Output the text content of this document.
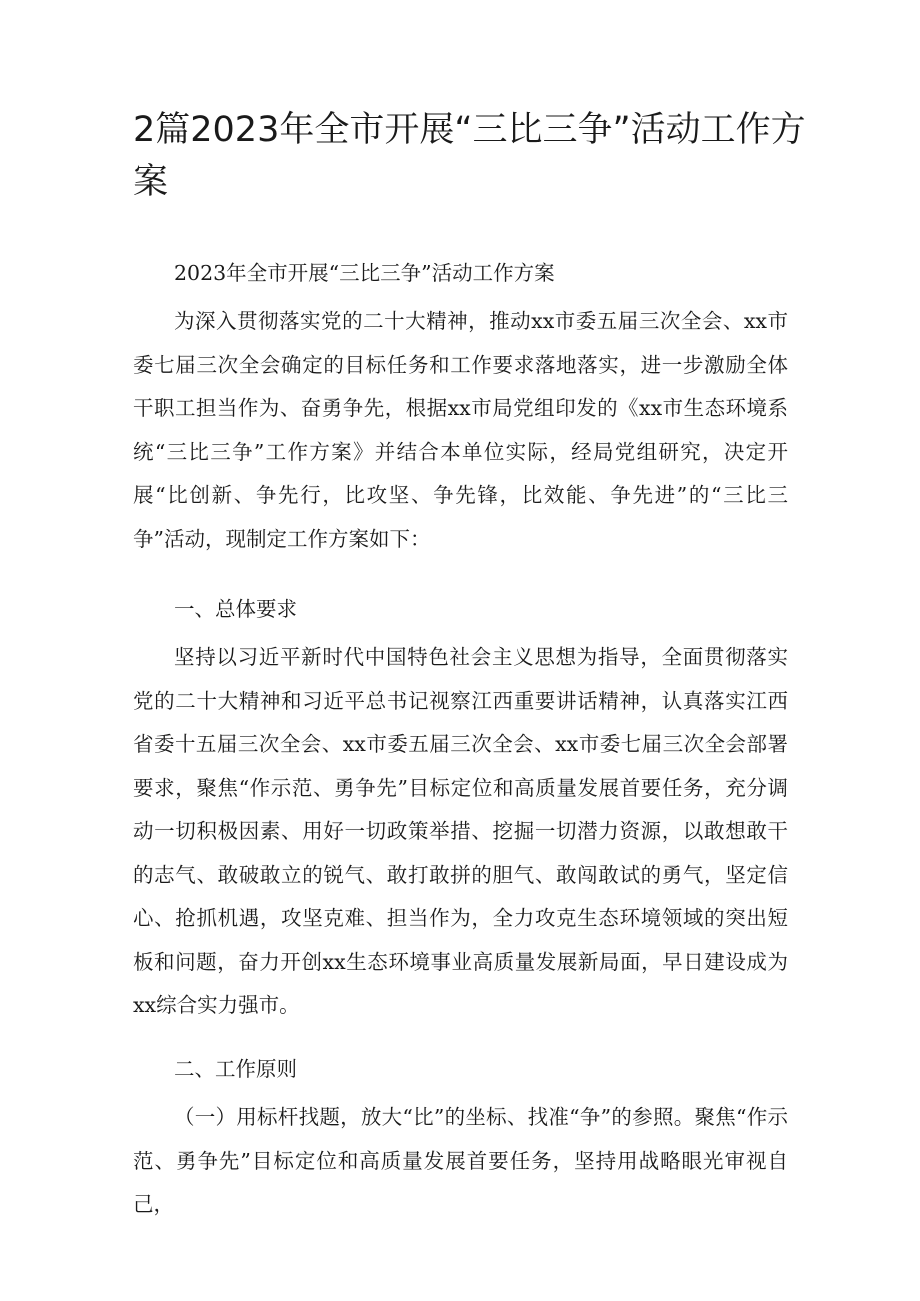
2篇2023年全市开展“三比三争”活动工作方案

2023年全市开展“三比三争”活动工作方案

为深入贯彻落实党的二十大精神，推动xx市委五届三次全会、xx市委七届三次全会确定的目标任务和工作要求落地落实，进一步激励全体干职工担当作为、奋勇争先，根据xx市局党组印发的《xx市生态环境系统“三比三争”工作方案》并结合本单位实际，经局党组研究，决定开展“比创新、争先行，比攻坚、争先锋，比效能、争先进”的“三比三争”活动，现制定工作方案如下：

一、总体要求

坚持以习近平新时代中国特色社会主义思想为指导，全面贯彻落实党的二十大精神和习近平总书记视察江西重要讲话精神，认真落实江西省委十五届三次全会、xx市委五届三次全会、xx市委七届三次全会部署要求，聚焦“作示范、勇争先”目标定位和高质量发展首要任务，充分调动一切积极因素、用好一切政策举措、挖掘一切潜力资源，以敢想敢干的志气、敢破敢立的锐气、敢打敢拼的胆气、敢闯敢试的勇气，坚定信心、抢抓机遇，攻坚克难、担当作为，全力攻克生态环境领域的突出短板和问题，奋力开创xx生态环境事业高质量发展新局面，早日建设成为xx综合实力强市。

二、工作原则

（一）用标杆找题，放大“比”的坐标、找准“争”的参照。聚焦“作示范、勇争先”目标定位和高质量发展首要任务，坚持用战略眼光审视自己，
